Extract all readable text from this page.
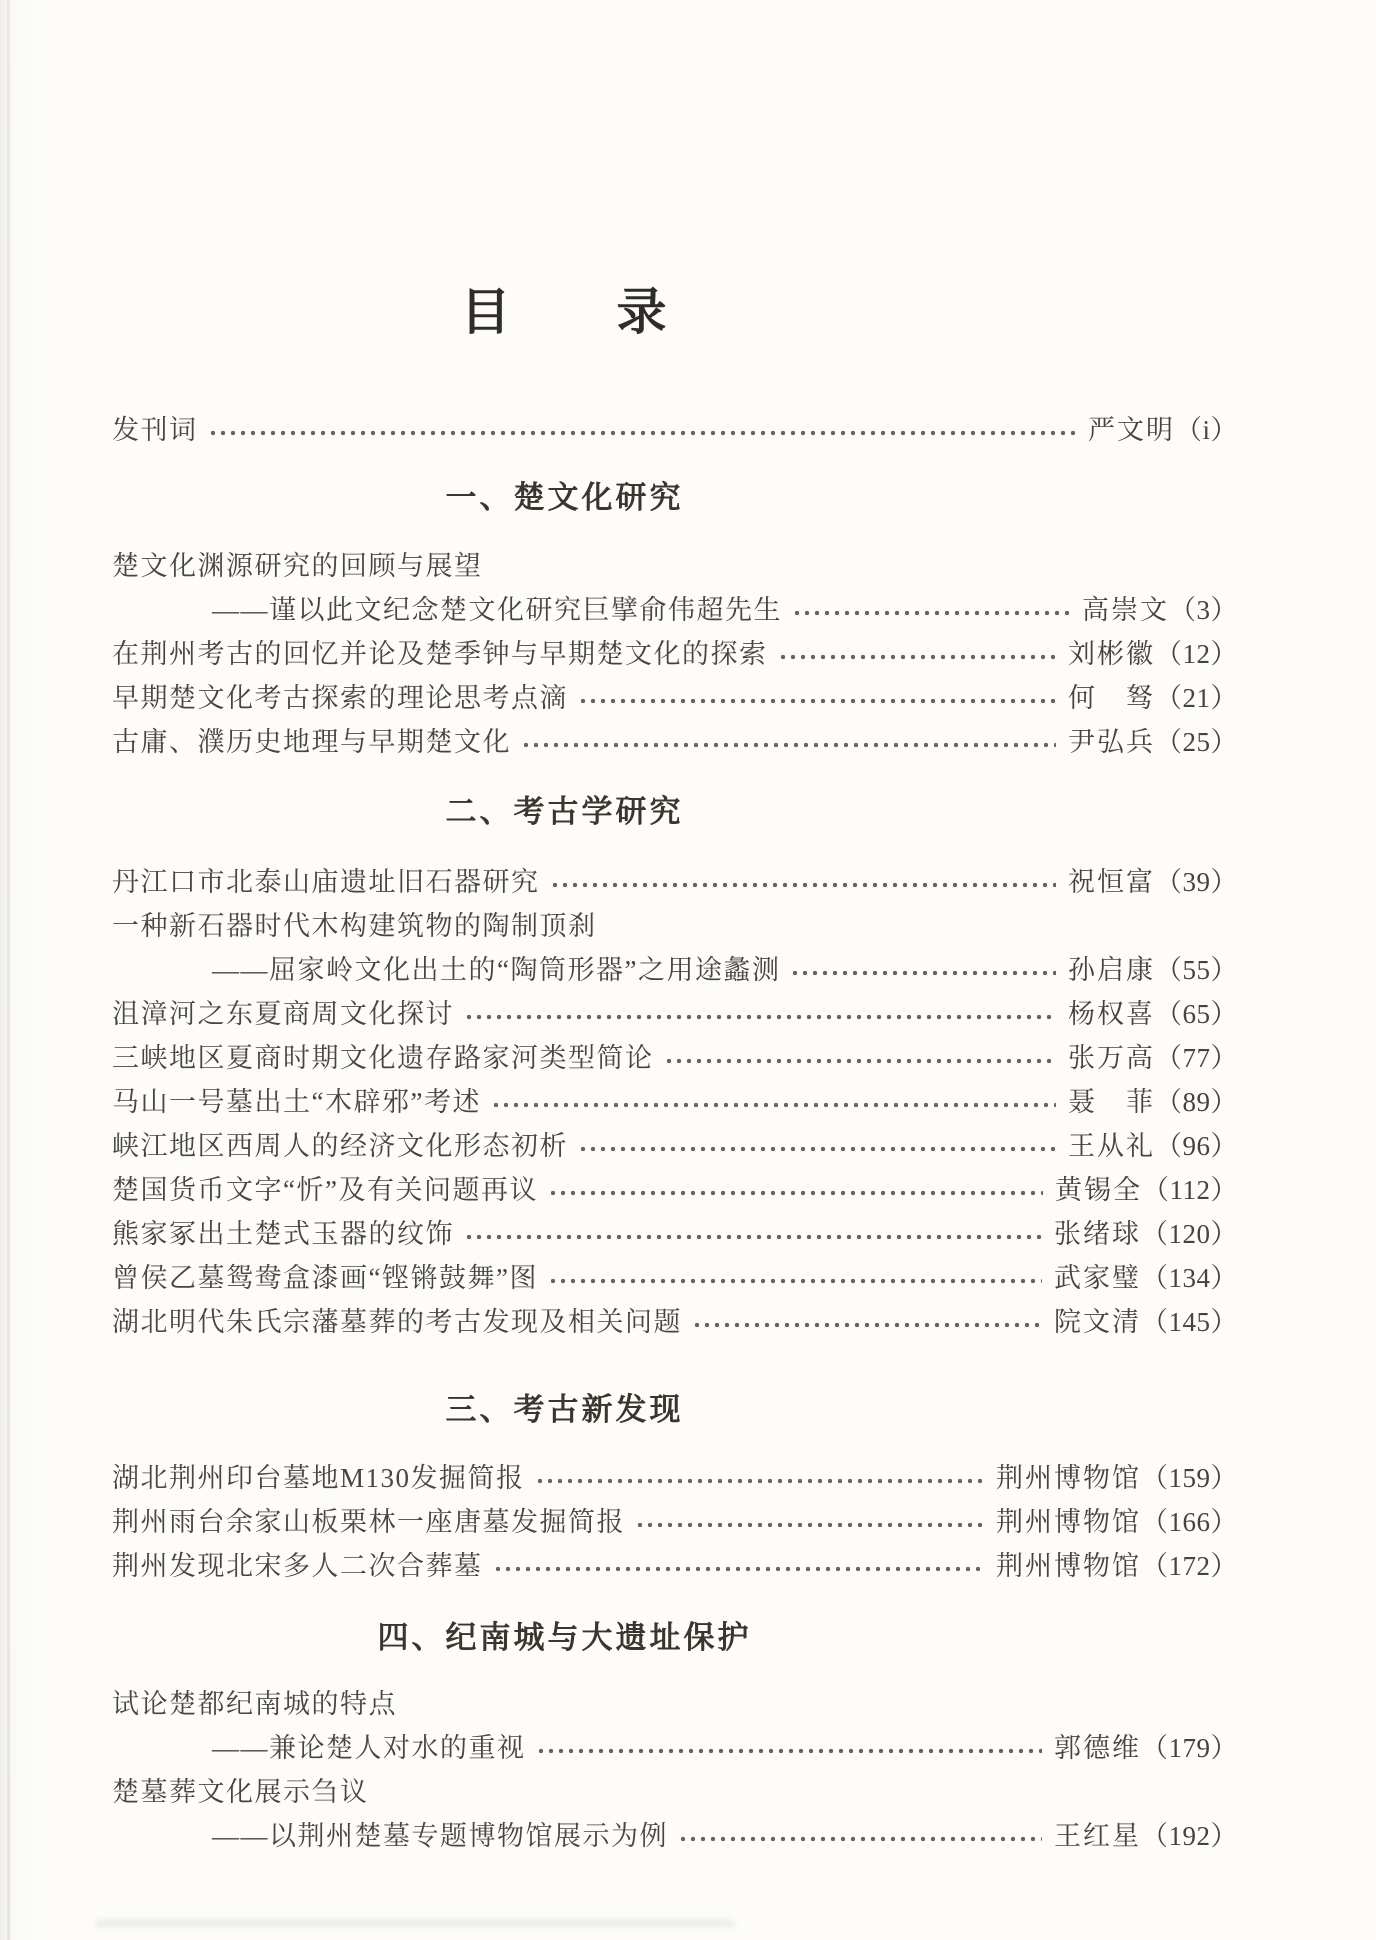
目　　录
发刊词	严文明 （i）
一、楚文化研究
楚文化渊源研究的回顾与展望
——谨以此文纪念楚文化研究巨擘俞伟超先生	高崇文 （3）
在荆州考古的回忆并论及楚季钟与早期楚文化的探索	刘彬徽 （12）
早期楚文化考古探索的理论思考点滴	何　驽 （21）
古庸、濮历史地理与早期楚文化	尹弘兵 （25）
二、考古学研究
丹江口市北泰山庙遗址旧石器研究	祝恒富 （39）
一种新石器时代木构建筑物的陶制顶刹
——屈家岭文化出土的“陶筒形器”之用途蠡测	孙启康 （55）
沮漳河之东夏商周文化探讨	杨权喜 （65）
三峡地区夏商时期文化遗存路家河类型简论	张万高 （77）
马山一号墓出土“木辟邪”考述	聂　菲 （89）
峡江地区西周人的经济文化形态初析	王从礼 （96）
楚国货币文字“忻”及有关问题再议	黄锡全 （112）
熊家冢出土楚式玉器的纹饰	张绪球 （120）
曾侯乙墓鸳鸯盒漆画“铿锵鼓舞”图	武家璧 （134）
湖北明代朱氏宗藩墓葬的考古发现及相关问题	院文清 （145）
三、考古新发现
湖北荆州印台墓地M130发掘简报	荆州博物馆 （159）
荆州雨台余家山板栗林一座唐墓发掘简报	荆州博物馆 （166）
荆州发现北宋多人二次合葬墓	荆州博物馆 （172）
四、纪南城与大遗址保护
试论楚都纪南城的特点
——兼论楚人对水的重视	郭德维 （179）
楚墓葬文化展示刍议
——以荆州楚墓专题博物馆展示为例	王红星 （192）
